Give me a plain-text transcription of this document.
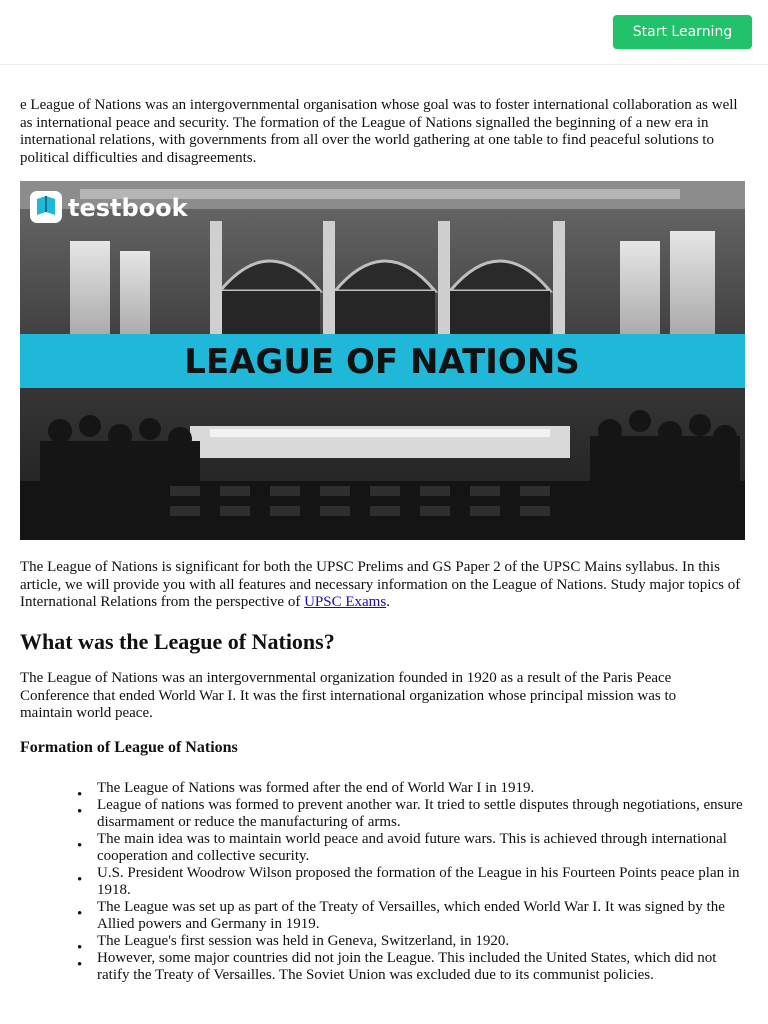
Start Learning

e League of Nations was an intergovernmental organisation whose goal was to foster international collaboration as well as international peace and security. The formation of the League of Nations signalled the beginning of a new era in international relations, with governments from all over the world gathering at one table to find peaceful solutions to political difficulties and disagreements.

LEAGUE OF NATIONS
testbook

The League of Nations is significant for both the UPSC Prelims and GS Paper 2 of the UPSC Mains syllabus. In this article, we will provide you with all features and necessary information on the League of Nations. Study major topics of International Relations from the perspective of UPSC Exams.

What was the League of Nations?

The League of Nations was an intergovernmental organization founded in 1920 as a result of the Paris Peace Conference that ended World War I. It was the first international organization whose principal mission was to maintain world peace.

Formation of League of Nations
• The League of Nations was formed after the end of World War I in 1919.
• League of nations was formed to prevent another war. It tried to settle disputes through negotiations, ensure disarmament or reduce the manufacturing of arms.
• The main idea was to maintain world peace and avoid future wars. This is achieved through international cooperation and collective security.
• U.S. President Woodrow Wilson proposed the formation of the League in his Fourteen Points peace plan in 1918.
• The League was set up as part of the Treaty of Versailles, which ended World War I. It was signed by the Allied powers and Germany in 1919.
• The League's first session was held in Geneva, Switzerland, in 1920.
• However, some major countries did not join the League. This included the United States, which did not ratify the Treaty of Versailles. The Soviet Union was excluded due to its communist policies.
